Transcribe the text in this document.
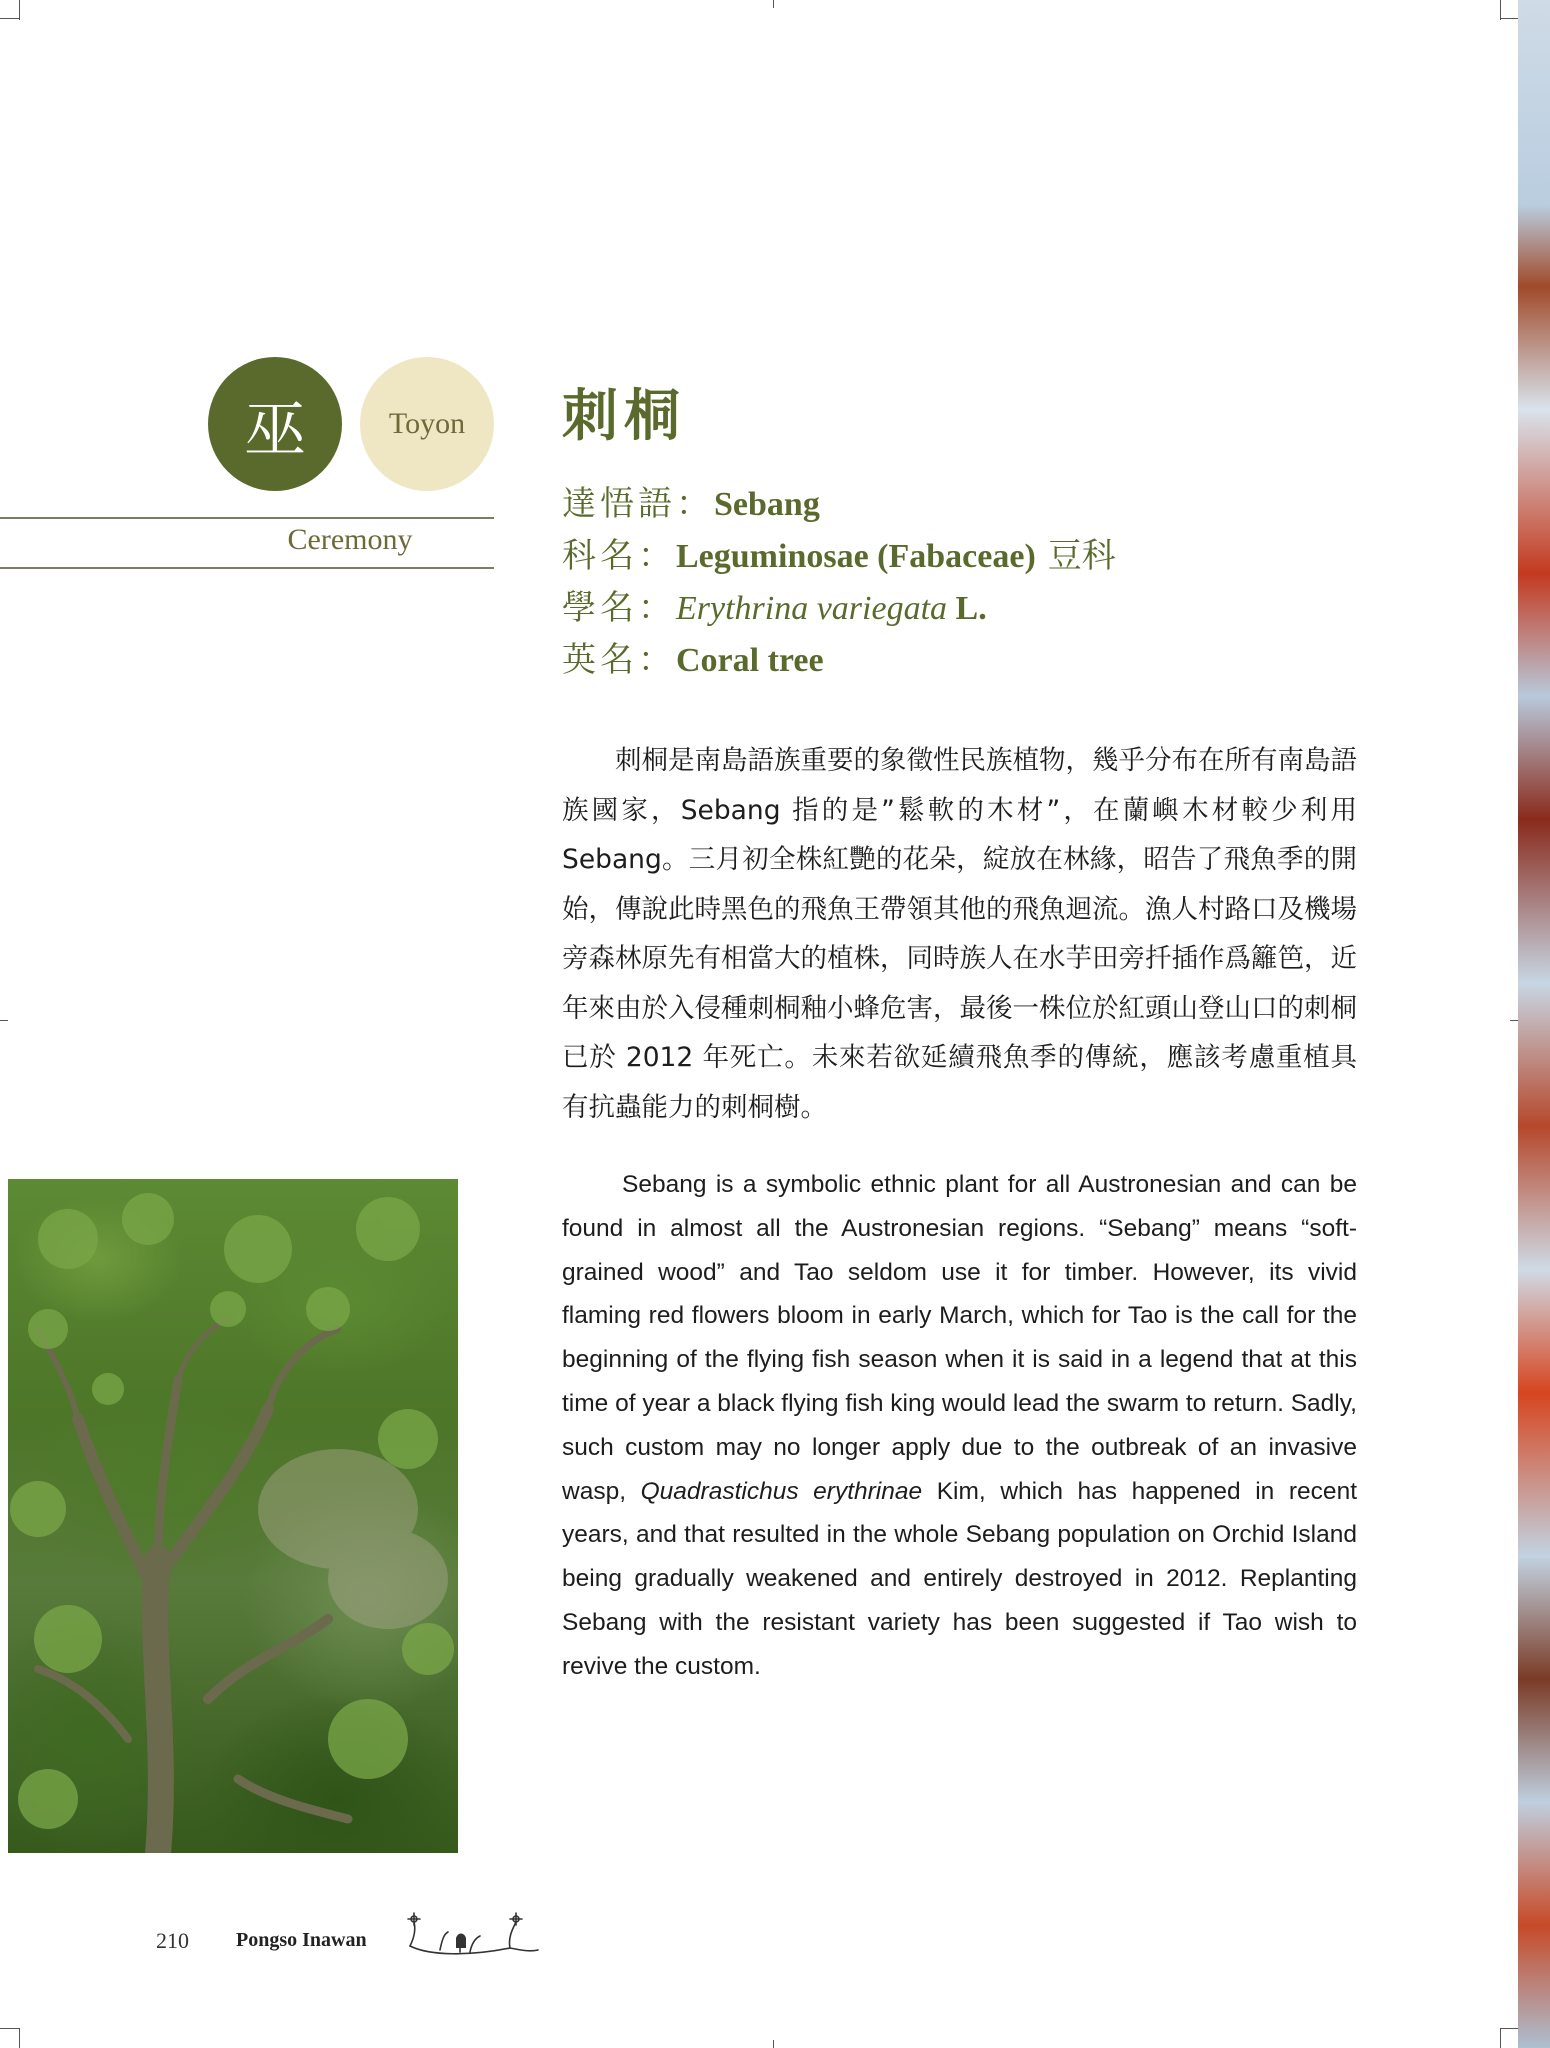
巫	Toyon
Ceremony
刺桐
達悟語：Sebang
科名：Leguminosae (Fabaceae) 豆科
學名：Erythrina variegata L.
英名：Coral tree
刺桐是南島語族重要的象徵性民族植物，幾乎分布在所有南島語族國家，Sebang 指的是”鬆軟的木材”，在蘭嶼木材較少利用 Sebang。三月初全株紅艷的花朵，綻放在林緣，昭告了飛魚季的開始，傳說此時黑色的飛魚王帶領其他的飛魚迴流。漁人村路口及機場旁森林原先有相當大的植株，同時族人在水芋田旁扦插作爲籬笆，近年來由於入侵種刺桐釉小蜂危害，最後一株位於紅頭山登山口的刺桐已於 2012 年死亡。未來若欲延續飛魚季的傳統，應該考慮重植具有抗蟲能力的刺桐樹。
Sebang is a symbolic ethnic plant for all Austronesian and can be found in almost all the Austronesian regions. “Sebang” means “soft-grained wood” and Tao seldom use it for timber. However, its vivid flaming red flowers bloom in early March, which for Tao is the call for the beginning of the flying fish season when it is said in a legend that at this time of year a black flying fish king would lead the swarm to return. Sadly, such custom may no longer apply due to the outbreak of an invasive wasp, Quadrastichus erythrinae Kim, which has happened in recent years, and that resulted in the whole Sebang population on Orchid Island being gradually weakened and entirely destroyed in 2012. Replanting Sebang with the resistant variety has been suggested if Tao wish to revive the custom.
210 Pongso Inawan
